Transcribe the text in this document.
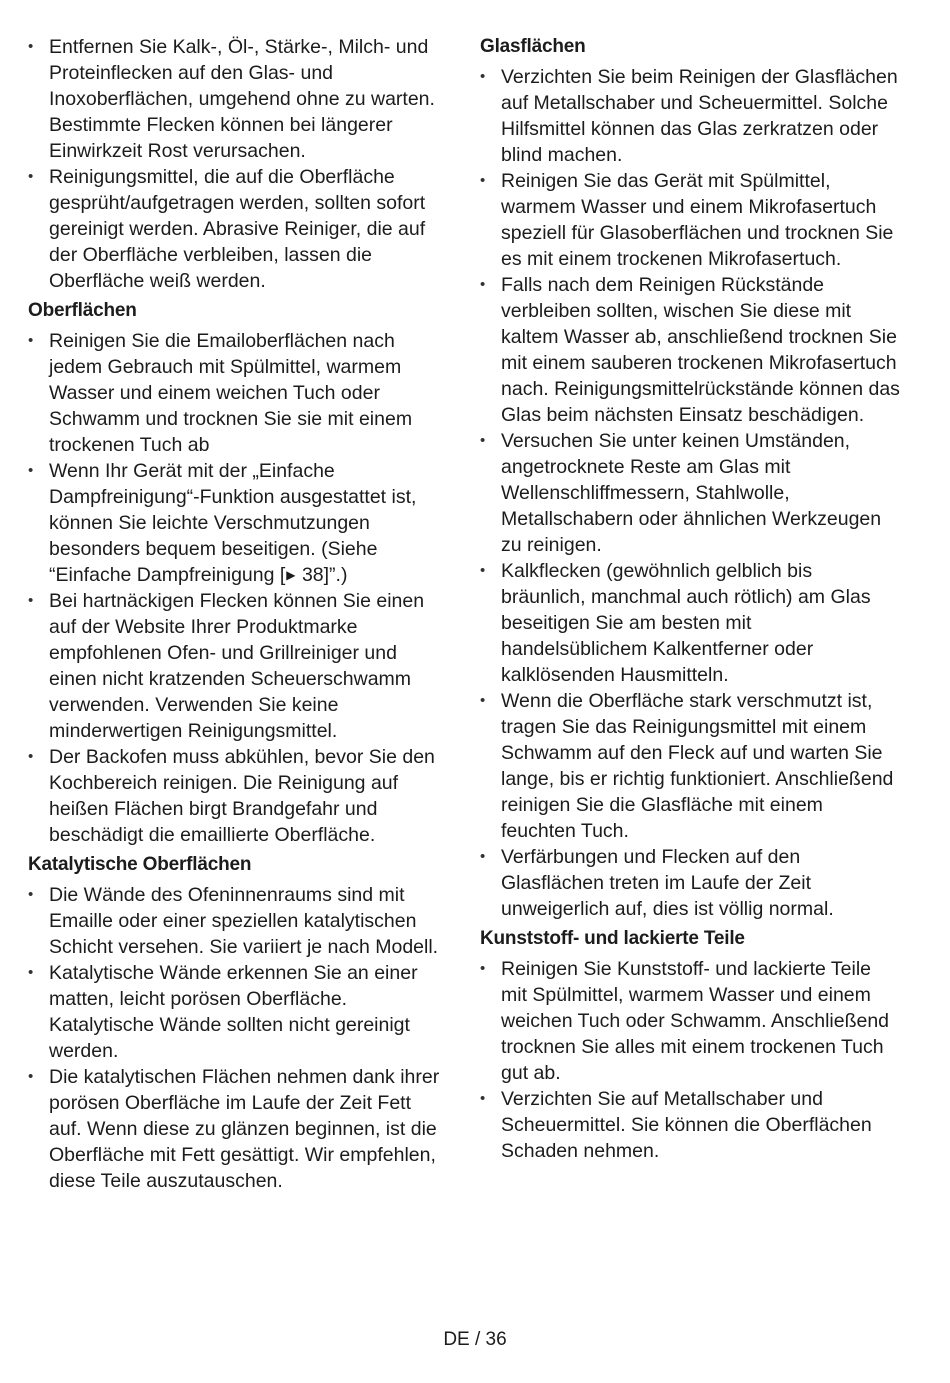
• Entfernen Sie Kalk-, Öl-, Stärke-, Milch- und Proteinflecken auf den Glas- und Inoxoberflächen, umgehend ohne zu warten. Bestimmte Flecken können bei längerer Einwirkzeit Rost verursachen.
• Reinigungsmittel, die auf die Oberfläche gesprüht/aufgetragen werden, sollten sofort gereinigt werden. Abrasive Reiniger, die auf der Oberfläche verbleiben, lassen die Oberfläche weiß werden.
Oberflächen
• Reinigen Sie die Emailoberflächen nach jedem Gebrauch mit Spülmittel, warmem Wasser und einem weichen Tuch oder Schwamm und trocknen Sie sie mit einem trockenen Tuch ab
• Wenn Ihr Gerät mit der „Einfache Dampfreinigung“-Funktion ausgestattet ist, können Sie leichte Verschmutzungen besonders bequem beseitigen. (Siehe “Einfache Dampfreinigung [▶ 38]”.)
• Bei hartnäckigen Flecken können Sie einen auf der Website Ihrer Produktmarke empfohlenen Ofen- und Grillreiniger und einen nicht kratzenden Scheuerschwamm verwenden. Verwenden Sie keine minderwertigen Reinigungsmittel.
• Der Backofen muss abkühlen, bevor Sie den Kochbereich reinigen. Die Reinigung auf heißen Flächen birgt Brandgefahr und beschädigt die emaillierte Oberfläche.
Katalytische Oberflächen
• Die Wände des Ofeninnenraums sind mit Emaille oder einer speziellen katalytischen Schicht versehen. Sie variiert je nach Modell.
• Katalytische Wände erkennen Sie an einer matten, leicht porösen Oberfläche. Katalytische Wände sollten nicht gereinigt werden.
• Die katalytischen Flächen nehmen dank ihrer porösen Oberfläche im Laufe der Zeit Fett auf. Wenn diese zu glänzen beginnen, ist die Oberfläche mit Fett gesättigt. Wir empfehlen, diese Teile auszutauschen.
Glasflächen
• Verzichten Sie beim Reinigen der Glasflächen auf Metallschaber und Scheuermittel. Solche Hilfsmittel können das Glas zerkratzen oder blind machen.
• Reinigen Sie das Gerät mit Spülmittel, warmem Wasser und einem Mikrofasertuch speziell für Glasoberflächen und trocknen Sie es mit einem trockenen Mikrofasertuch.
• Falls nach dem Reinigen Rückstände verbleiben sollten, wischen Sie diese mit kaltem Wasser ab, anschließend trocknen Sie mit einem sauberen trockenen Mikrofasertuch nach. Reinigungsmittelrückstände können das Glas beim nächsten Einsatz beschädigen.
• Versuchen Sie unter keinen Umständen, angetrocknete Reste am Glas mit Wellenschliffmessern, Stahlwolle, Metallschabern oder ähnlichen Werkzeugen zu reinigen.
• Kalkflecken (gewöhnlich gelblich bis bräunlich, manchmal auch rötlich) am Glas beseitigen Sie am besten mit handelsüblichem Kalkentferner oder kalklösenden Hausmitteln.
• Wenn die Oberfläche stark verschmutzt ist, tragen Sie das Reinigungsmittel mit einem Schwamm auf den Fleck auf und warten Sie lange, bis er richtig funktioniert. Anschließend reinigen Sie die Glasfläche mit einem feuchten Tuch.
• Verfärbungen und Flecken auf den Glasflächen treten im Laufe der Zeit unweigerlich auf, dies ist völlig normal.
Kunststoff- und lackierte Teile
• Reinigen Sie Kunststoff- und lackierte Teile mit Spülmittel, warmem Wasser und einem weichen Tuch oder Schwamm. Anschließend trocknen Sie alles mit einem trockenen Tuch gut ab.
• Verzichten Sie auf Metallschaber und Scheuermittel. Sie können die Oberflächen Schaden nehmen.
DE / 36
